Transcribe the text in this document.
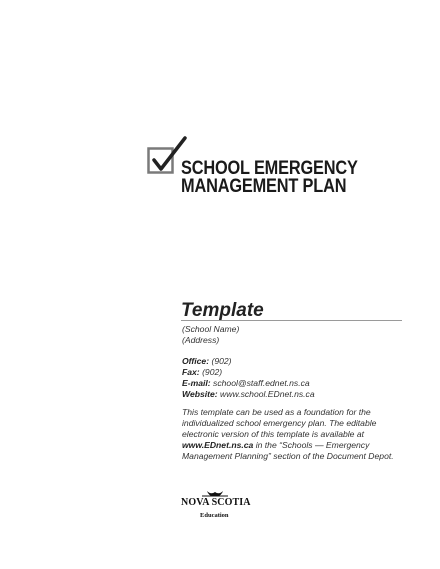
SCHOOL EMERGENCY
MANAGEMENT PLAN
Template
(School Name)
(Address)
Office: (902)
Fax: (902)
E-mail: school@staff.ednet.ns.ca
Website: www.school.EDnet.ns.ca
This template can be used as a foundation for the individualized school emergency plan. The editable electronic version of this template is available at www.EDnet.ns.ca in the “Schools — Emergency Management Planning” section of the Document Depot.
NOVA SCOTIA
Education
